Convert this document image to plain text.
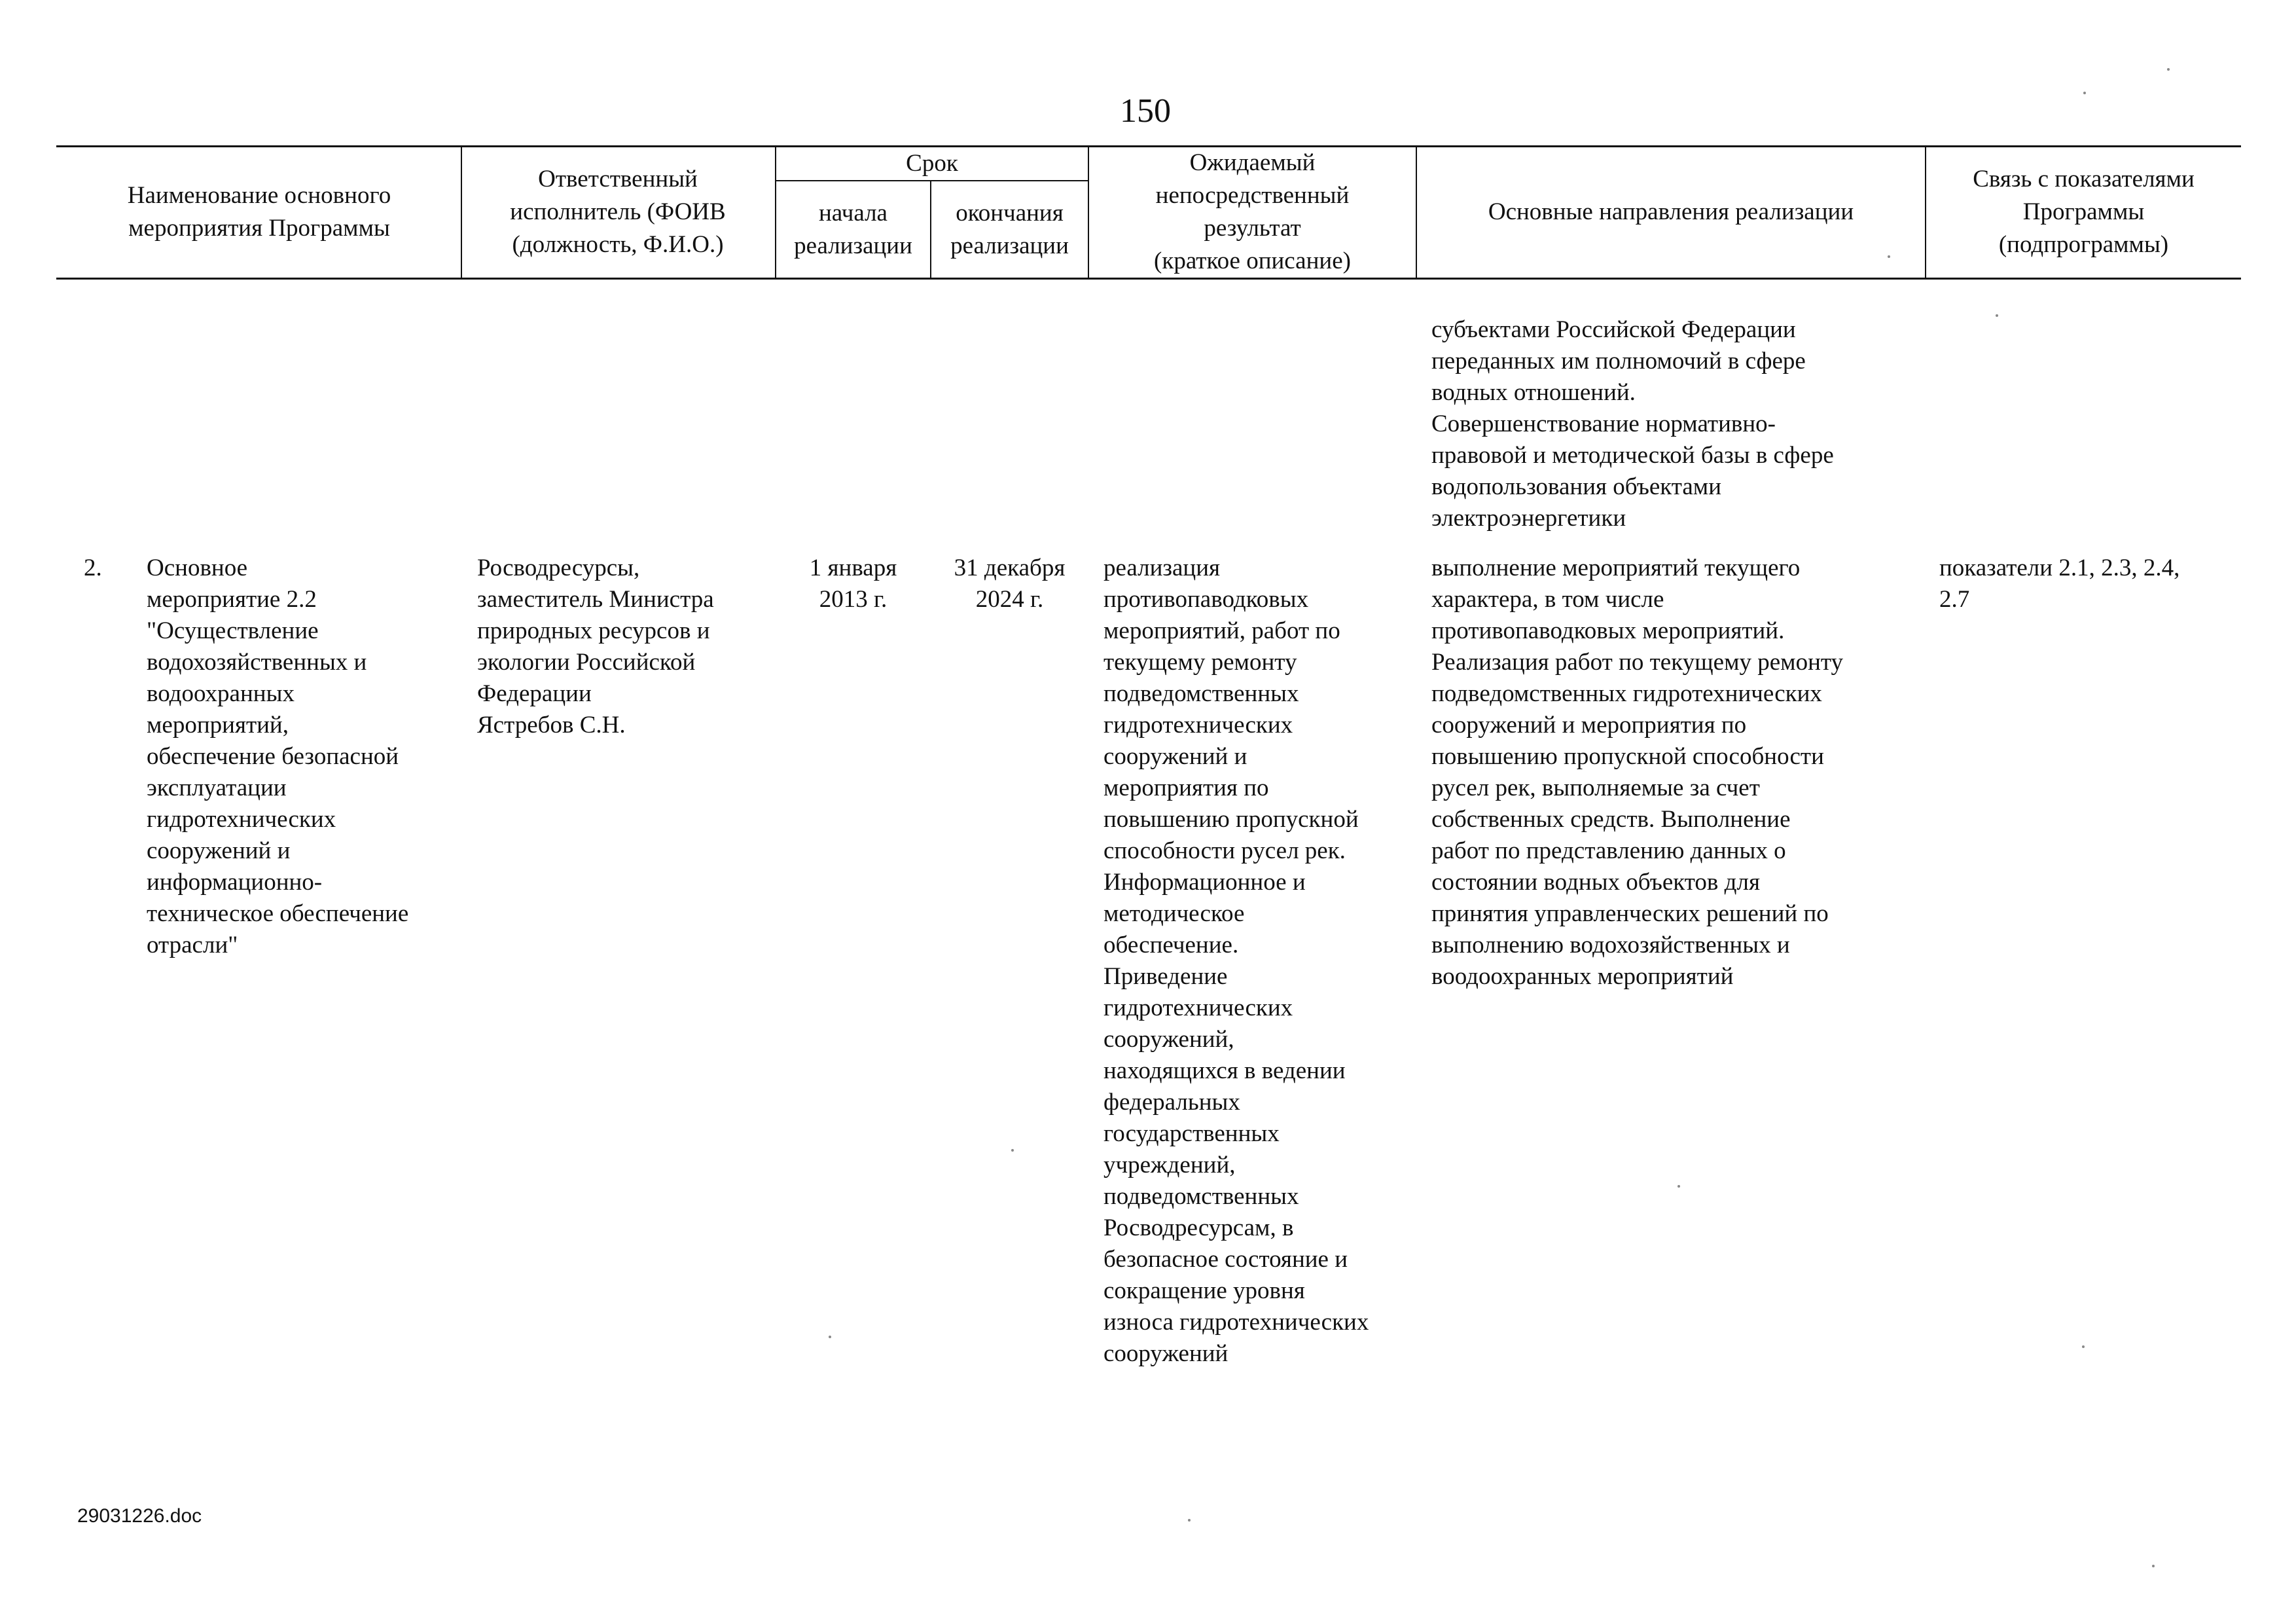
150
Наименование основного
мероприятия Программы
Ответственный
исполнитель (ФОИВ
(должность, Ф.И.О.)
Срок
начала
реализации
окончания
реализации
Ожидаемый
непосредственный
результат
(краткое описание)
Основные направления реализации
Связь с показателями
Программы
(подпрограммы)
субъектами Российской Федерации
переданных им полномочий в сфере
водных отношений.
Совершенствование нормативно-
правовой и методической базы в сфере
водопользования объектами
электроэнергетики
2.	Основное
мероприятие 2.2
"Осуществление
водохозяйственных и
водоохранных
мероприятий,
обеспечение безопасной
эксплуатации
гидротехнических
сооружений и
информационно-
техническое обеспечение
отрасли"
Росводресурсы,
заместитель Министра
природных ресурсов и
экологии Российской
Федерации
Ястребов С.Н.
1 января
2013 г.
31 декабря
2024 г.
реализация
противопаводковых
мероприятий, работ по
текущему ремонту
подведомственных
гидротехнических
сооружений и
мероприятия по
повышению пропускной
способности русел рек.
Информационное и
методическое
обеспечение.
Приведение
гидротехнических
сооружений,
находящихся в ведении
федеральных
государственных
учреждений,
подведомственных
Росводресурсам, в
безопасное состояние и
сокращение уровня
износа гидротехнических
сооружений
выполнение мероприятий текущего
характера, в том числе
противопаводковых мероприятий.
Реализация работ по текущему ремонту
подведомственных гидротехнических
сооружений и мероприятия по
повышению пропускной способности
русел рек, выполняемые за счет
собственных средств. Выполнение
работ по представлению данных о
состоянии водных объектов для
принятия управленческих решений по
выполнению водохозяйственных и
воодоохранных мероприятий
показатели 2.1, 2.3, 2.4,
2.7
29031226.doc
